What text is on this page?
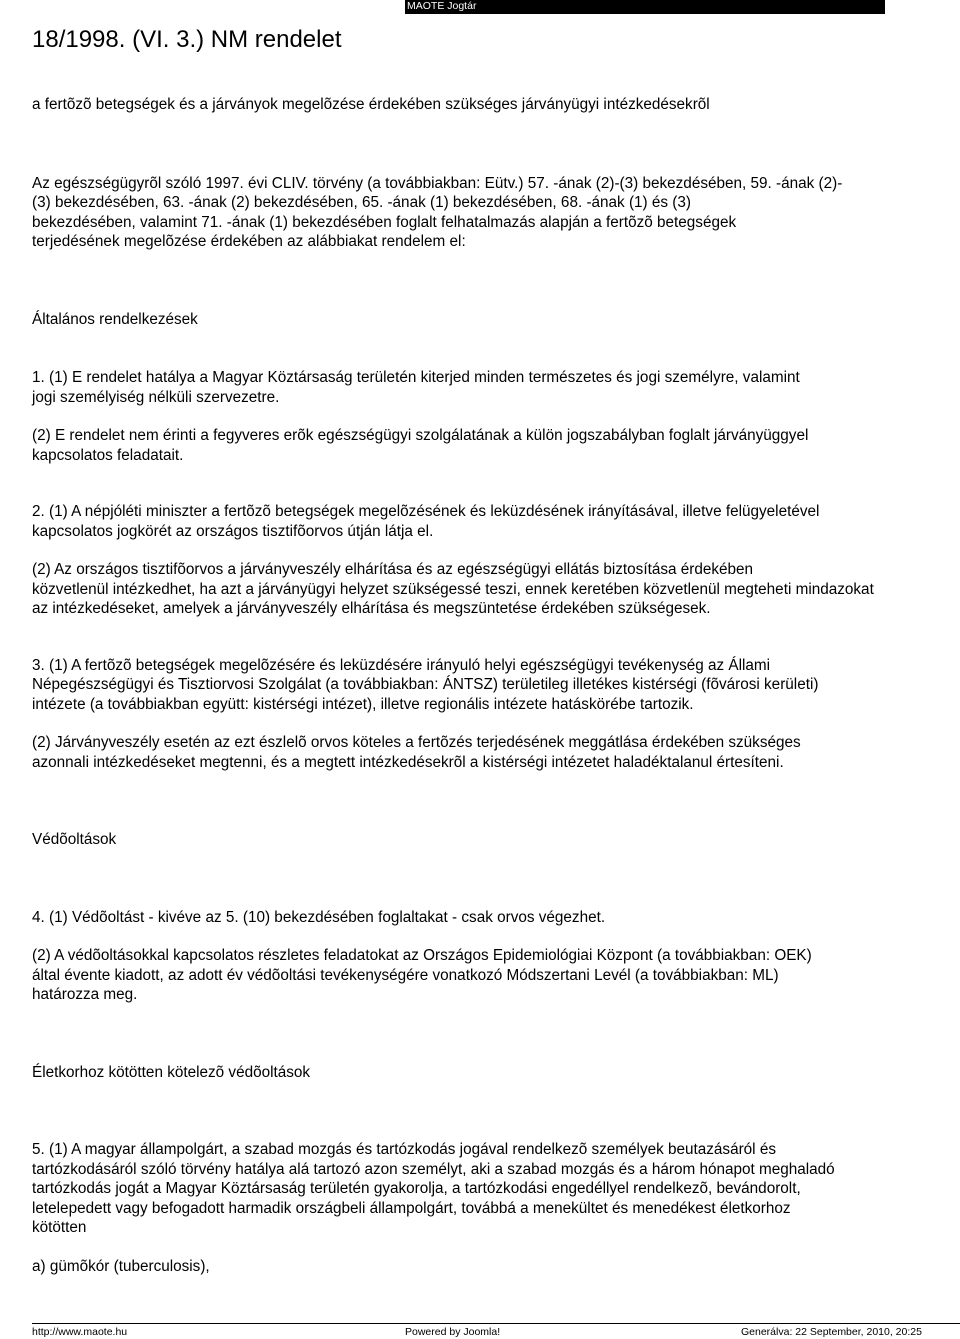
MAOTE Jogtár
18/1998. (VI. 3.) NM rendelet

a fertõzõ betegségek és a járványok megelõzése érdekében szükséges járványügyi intézkedésekrõl

Az egészségügyrõl szóló 1997. évi CLIV. törvény (a továbbiakban: Eütv.) 57. -ának (2)-(3) bekezdésében, 59. -ának (2)-
(3) bekezdésében, 63. -ának (2) bekezdésében, 65. -ának (1) bekezdésében, 68. -ának (1) és (3)
bekezdésében, valamint 71. -ának (1) bekezdésében foglalt felhatalmazás alapján a fertõzõ betegségek
terjedésének megelõzése érdekében az alábbiakat rendelem el:

Általános rendelkezések

1. (1) E rendelet hatálya a Magyar Köztársaság területén kiterjed minden természetes és jogi személyre, valamint
jogi személyiség nélküli szervezetre.

(2) E rendelet nem érinti a fegyveres erõk egészségügyi szolgálatának a külön jogszabályban foglalt járványüggyel
kapcsolatos feladatait.

2. (1) A népjóléti miniszter a fertõzõ betegségek megelõzésének és leküzdésének irányításával, illetve felügyeletével
kapcsolatos jogkörét az országos tisztifõorvos útján látja el.

(2) Az országos tisztifõorvos a járványveszély elhárítása és az egészségügyi ellátás biztosítása érdekében
közvetlenül intézkedhet, ha azt a járványügyi helyzet szükségessé teszi, ennek keretében közvetlenül megteheti mindazokat
az intézkedéseket, amelyek a járványveszély elhárítása és megszüntetése érdekében szükségesek.

3. (1) A fertõzõ betegségek megelõzésére és leküzdésére irányuló helyi egészségügyi tevékenység az Állami
Népegészségügyi és Tisztiorvosi Szolgálat (a továbbiakban: ÁNTSZ) területileg illetékes kistérségi (fõvárosi kerületi)
intézete (a továbbiakban együtt: kistérségi intézet), illetve regionális intézete hatáskörébe tartozik.

(2) Járványveszély esetén az ezt észlelõ orvos köteles a fertõzés terjedésének meggátlása érdekében szükséges
azonnali intézkedéseket megtenni, és a megtett intézkedésekrõl a kistérségi intézetet haladéktalanul értesíteni.

Védõoltások

4. (1) Védõoltást - kivéve az 5. (10) bekezdésében foglaltakat - csak orvos végezhet.

(2) A védõoltásokkal kapcsolatos részletes feladatokat az Országos Epidemiológiai Központ (a továbbiakban: OEK)
által évente kiadott, az adott év védõoltási tevékenységére vonatkozó Módszertani Levél (a továbbiakban: ML)
határozza meg.

Életkorhoz kötötten kötelezõ védõoltások

5. (1) A magyar állampolgárt, a szabad mozgás és tartózkodás jogával rendelkezõ személyek beutazásáról és
tartózkodásáról szóló törvény hatálya alá tartozó azon személyt, aki a szabad mozgás és a három hónapot meghaladó
tartózkodás jogát a Magyar Köztársaság területén gyakorolja, a tartózkodási engedéllyel rendelkezõ, bevándorolt,
letelepedett vagy befogadott harmadik országbeli állampolgárt, továbbá a menekültet és menedékest életkorhoz
kötötten

a) gümõkór (tuberculosis),

http://www.maote.hu	Powered by Joomla!	Generálva: 22 September, 2010, 20:25
